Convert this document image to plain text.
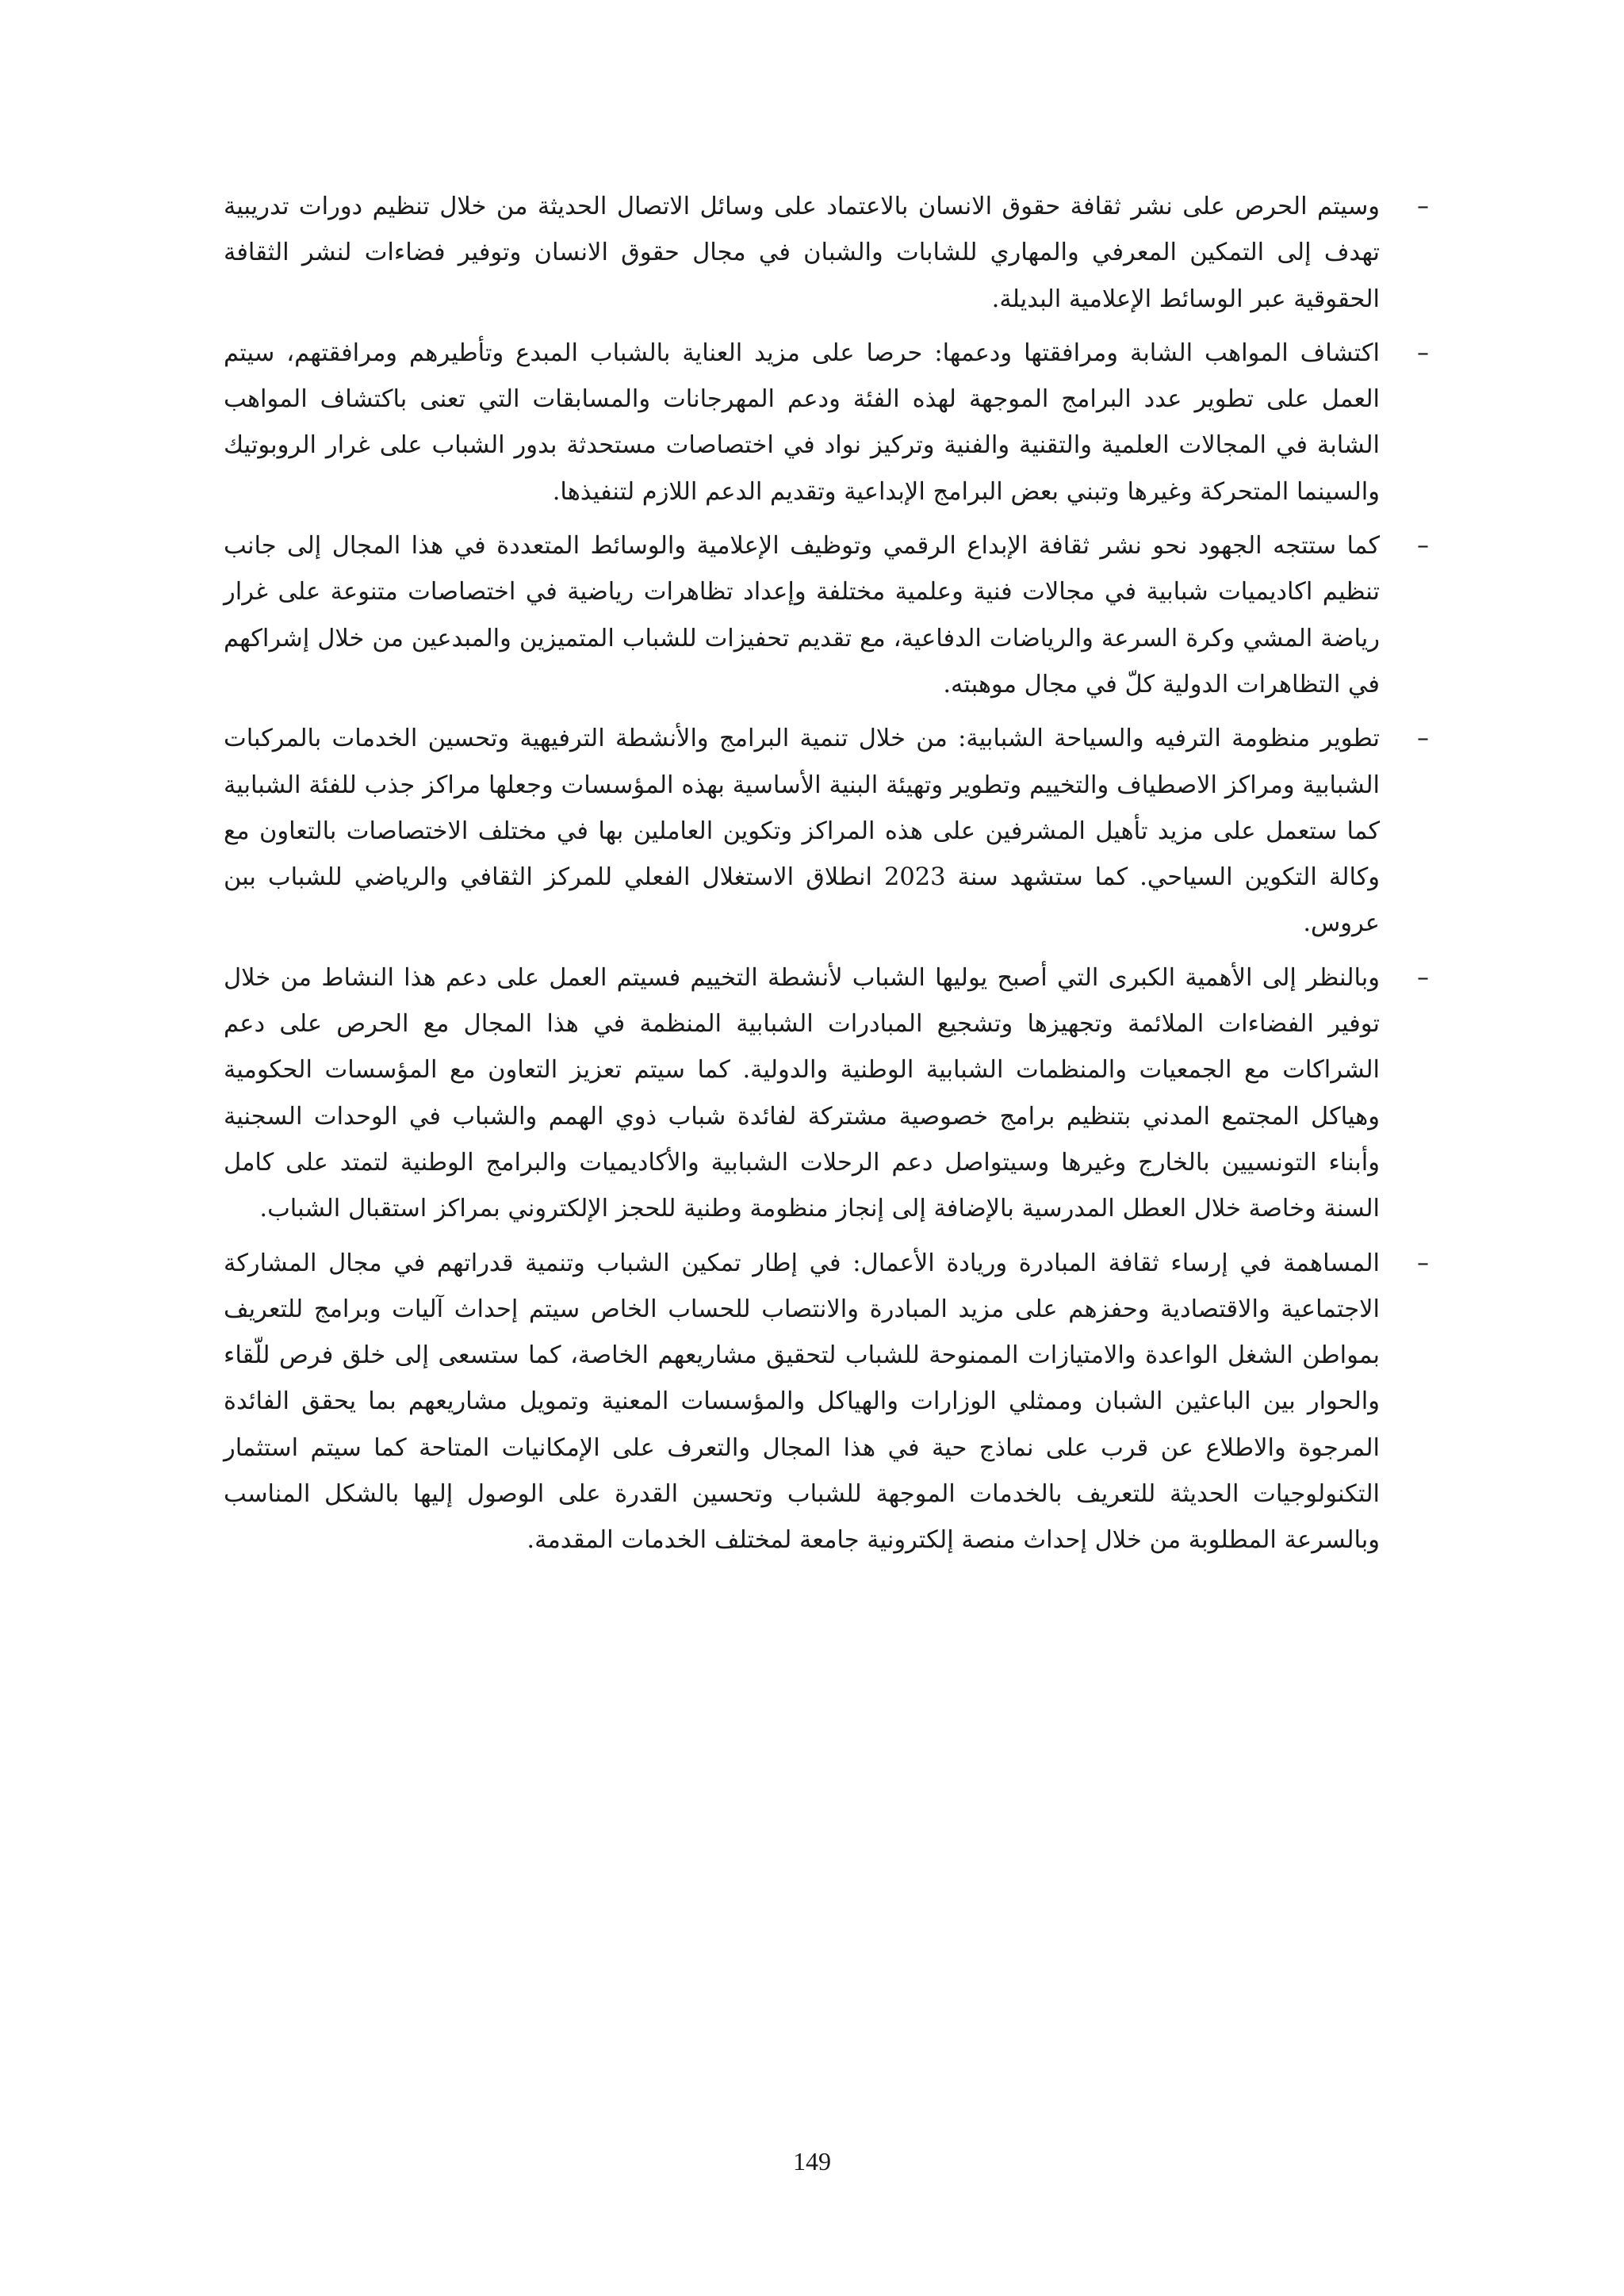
–
وسيتم الحرص على نشر ثقافة حقوق الانسان بالاعتماد على وسائل الاتصال الحديثة من خلال تنظيم دورات تدريبية تهدف إلى التمكين المعرفي والمهاري للشابات والشبان في مجال حقوق الانسان وتوفير فضاءات لنشر الثقافة الحقوقية عبر الوسائط الإعلامية البديلة.
–
اكتشاف المواهب الشابة ومرافقتها ودعمها: حرصا على مزيد العناية بالشباب المبدع وتأطيرهم ومرافقتهم، سيتم العمل على تطوير عدد البرامج الموجهة لهذه الفئة ودعم المهرجانات والمسابقات التي تعنى باكتشاف المواهب الشابة في المجالات العلمية والتقنية والفنية وتركيز نواد في اختصاصات مستحدثة بدور الشباب على غرار الروبوتيك والسينما المتحركة وغيرها وتبني بعض البرامج الإبداعية وتقديم الدعم اللازم لتنفيذها.
–
كما ستتجه الجهود نحو نشر ثقافة الإبداع الرقمي وتوظيف الإعلامية والوسائط المتعددة في هذا المجال إلى جانب تنظيم اكاديميات شبابية في مجالات فنية وعلمية مختلفة وإعداد تظاهرات رياضية في اختصاصات متنوعة على غرار رياضة المشي وكرة السرعة والرياضات الدفاعية، مع تقديم تحفيزات للشباب المتميزين والمبدعين من خلال إشراكهم في التظاهرات الدولية كلّ في مجال موهبته.
–
تطوير منظومة الترفيه والسياحة الشبابية: من خلال تنمية البرامج والأنشطة الترفيهية وتحسين الخدمات بالمركبات الشبابية ومراكز الاصطياف والتخييم وتطوير وتهيئة البنية الأساسية بهذه المؤسسات وجعلها مراكز جذب للفئة الشبابية كما ستعمل على مزيد تأهيل المشرفين على هذه المراكز وتكوين العاملين بها في مختلف الاختصاصات بالتعاون مع وكالة التكوين السياحي. كما ستشهد سنة 2023 انطلاق الاستغلال الفعلي للمركز الثقافي والرياضي للشباب ببن عروس.
–
وبالنظر إلى الأهمية الكبرى التي أصبح يوليها الشباب لأنشطة التخييم فسيتم العمل على دعم هذا النشاط من خلال توفير الفضاءات الملائمة وتجهيزها وتشجيع المبادرات الشبابية المنظمة في هذا المجال مع الحرص على دعم الشراكات مع الجمعيات والمنظمات الشبابية الوطنية والدولية. كما سيتم تعزيز التعاون مع المؤسسات الحكومية وهياكل المجتمع المدني بتنظيم برامج خصوصية مشتركة لفائدة شباب ذوي الهمم والشباب في الوحدات السجنية وأبناء التونسيين بالخارج وغيرها وسيتواصل دعم الرحلات الشبابية والأكاديميات والبرامج الوطنية لتمتد على كامل السنة وخاصة خلال العطل المدرسية بالإضافة إلى إنجاز منظومة وطنية للحجز الإلكتروني بمراكز استقبال الشباب.
–
المساهمة في إرساء ثقافة المبادرة وريادة الأعمال: في إطار تمكين الشباب وتنمية قدراتهم في مجال المشاركة الاجتماعية والاقتصادية وحفزهم على مزيد المبادرة والانتصاب للحساب الخاص سيتم إحداث آليات وبرامج للتعريف بمواطن الشغل الواعدة والامتيازات الممنوحة للشباب لتحقيق مشاريعهم الخاصة، كما ستسعى إلى خلق فرص للّقاء والحوار بين الباعثين الشبان وممثلي الوزارات والهياكل والمؤسسات المعنية وتمويل مشاريعهم بما يحقق الفائدة المرجوة والاطلاع عن قرب على نماذج حية في هذا المجال والتعرف على الإمكانيات المتاحة كما سيتم استثمار التكنولوجيات الحديثة للتعريف بالخدمات الموجهة للشباب وتحسين القدرة على الوصول إليها بالشكل المناسب وبالسرعة المطلوبة من خلال إحداث منصة إلكترونية جامعة لمختلف الخدمات المقدمة.
149
